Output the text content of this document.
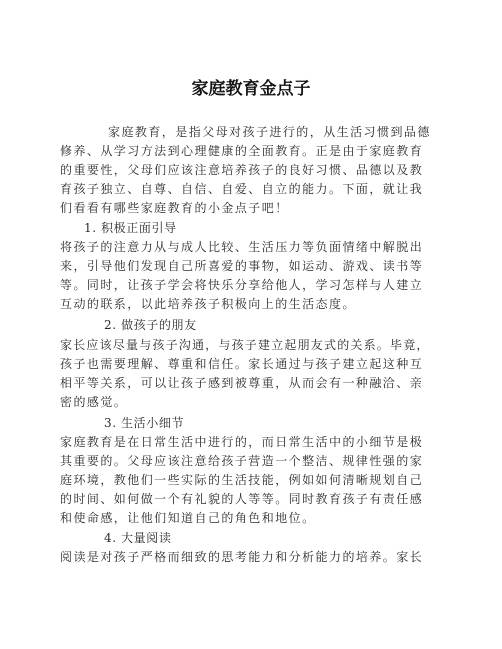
家庭教育金点子
家庭教育，是指父母对孩子进行的，从生活习惯到品德
修养、从学习方法到心理健康的全面教育。正是由于家庭教育
的重要性，父母们应该注意培养孩子的良好习惯、品德以及教
育孩子独立、自尊、自信、自爱、自立的能力。下面，就让我
们看看有哪些家庭教育的小金点子吧！
1. 积极正面引导
将孩子的注意力从与成人比较、生活压力等负面情绪中解脱出
来，引导他们发现自己所喜爱的事物，如运动、游戏、读书等
等。同时，让孩子学会将快乐分享给他人，学习怎样与人建立
互动的联系，以此培养孩子积极向上的生活态度。
2. 做孩子的朋友
家长应该尽量与孩子沟通，与孩子建立起朋友式的关系。毕竟，
孩子也需要理解、尊重和信任。家长通过与孩子建立起这种互
相平等关系，可以让孩子感到被尊重，从而会有一种融洽、亲
密的感觉。
3. 生活小细节
家庭教育是在日常生活中进行的，而日常生活中的小细节是极
其重要的。父母应该注意给孩子营造一个整洁、规律性强的家
庭环境，教他们一些实际的生活技能，例如如何清晰规划自己
的时间、如何做一个有礼貌的人等等。同时教育孩子有责任感
和使命感，让他们知道自己的角色和地位。
4. 大量阅读
阅读是对孩子严格而细致的思考能力和分析能力的培养。家长
